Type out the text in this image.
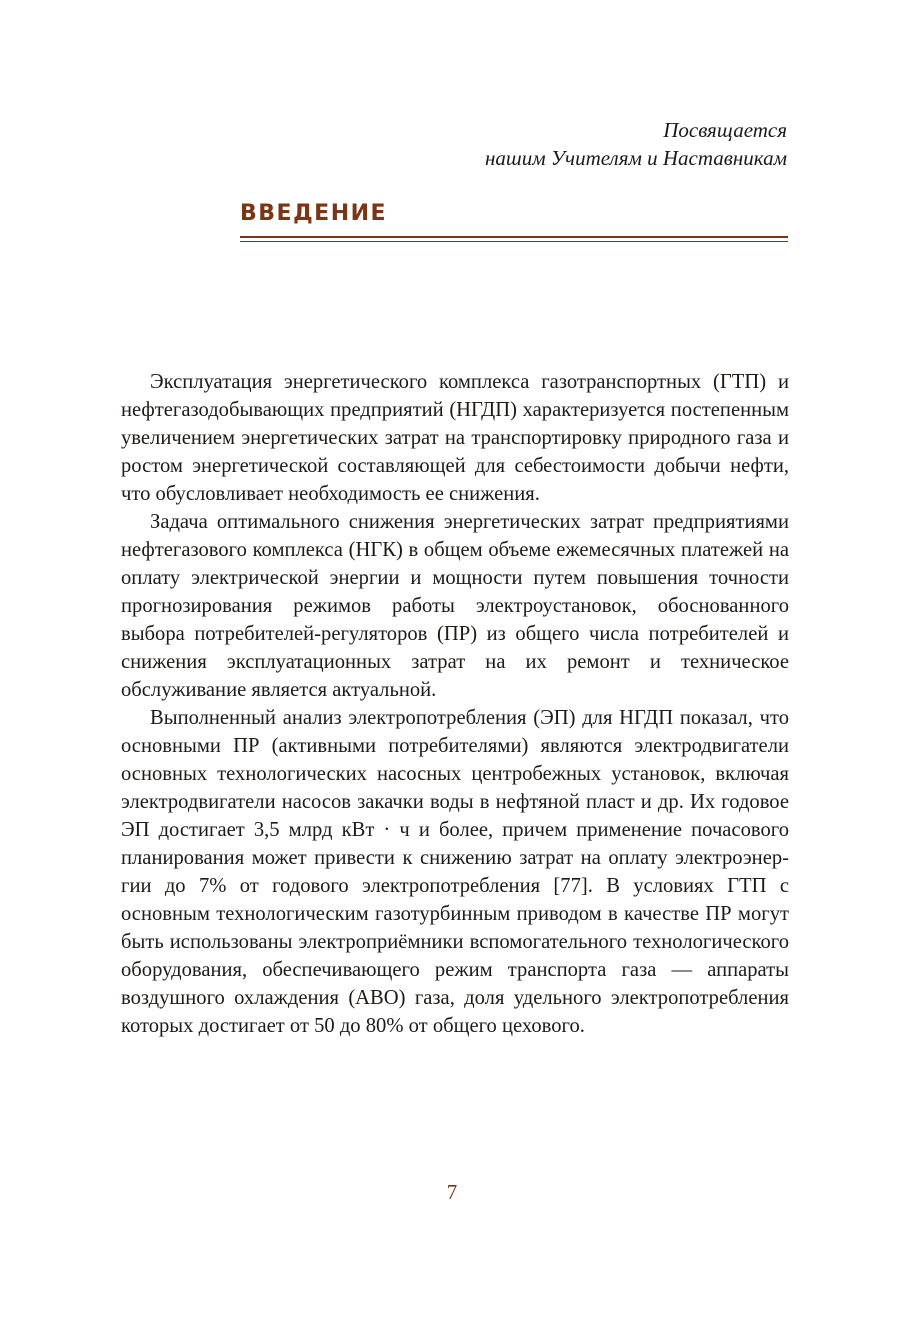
Посвящается
нашим Учителям и Наставникам
ВВЕДЕНИЕ

Эксплуатация энергетического комплекса газотранспортных (ГТП) и нефтегазодобывающих предприятий (НГДП) характеризуется постепенным увеличением энергетических затрат на транспортировку природного газа и ростом энергетической составляющей для себестоимости добычи нефти, что обусловливает необходимость ее снижения.

Задача оптимального снижения энергетических затрат предприятиями нефтегазового комплекса (НГК) в общем объеме ежемесячных платежей на оплату электрической энергии и мощности путем повышения точности прогнозирования режимов работы электроустановок, обоснованного выбора потребителей-регуляторов (ПР) из общего числа потребителей и снижения эксплуатационных затрат на их ремонт и техническое обслуживание является актуальной.

Выполненный анализ электропотребления (ЭП) для НГДП показал, что основными ПР (активными потребителями) являются электродвигатели основных технологических насосных центробежных установок, включая электродвигатели насосов закачки воды в нефтяной пласт и др. Их годовое ЭП достигает 3,5 млрд кВт · ч и более, причем применение почасового планирования может привести к снижению затрат на оплату электроэнергии до 7% от годового электропотребления [77]. В условиях ГТП с основным технологическим газотурбинным приводом в качестве ПР могут быть использованы электроприёмники вспомогательного технологического оборудования, обеспечивающего режим транспорта газа — аппараты воздушного охлаждения (АВО) газа, доля удельного электропотребления которых достигает от 50 до 80% от общего цехового.

7
